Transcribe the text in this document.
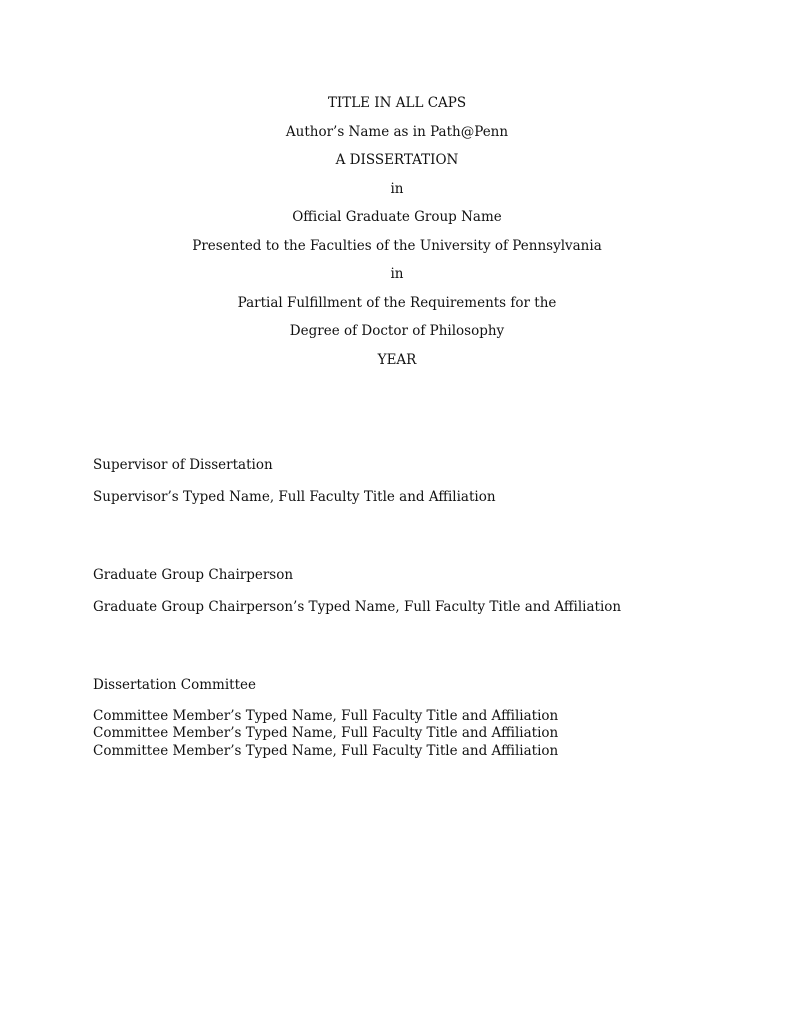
TITLE IN ALL CAPS
Author’s Name as in Path@Penn
A DISSERTATION
in
Official Graduate Group Name
Presented to the Faculties of the University of Pennsylvania
in
Partial Fulfillment of the Requirements for the
Degree of Doctor of Philosophy
YEAR
Supervisor of Dissertation
Supervisor’s Typed Name, Full Faculty Title and Affiliation
Graduate Group Chairperson
Graduate Group Chairperson’s Typed Name, Full Faculty Title and Affiliation
Dissertation Committee
Committee Member’s Typed Name, Full Faculty Title and Affiliation
Committee Member’s Typed Name, Full Faculty Title and Affiliation
Committee Member’s Typed Name, Full Faculty Title and Affiliation
